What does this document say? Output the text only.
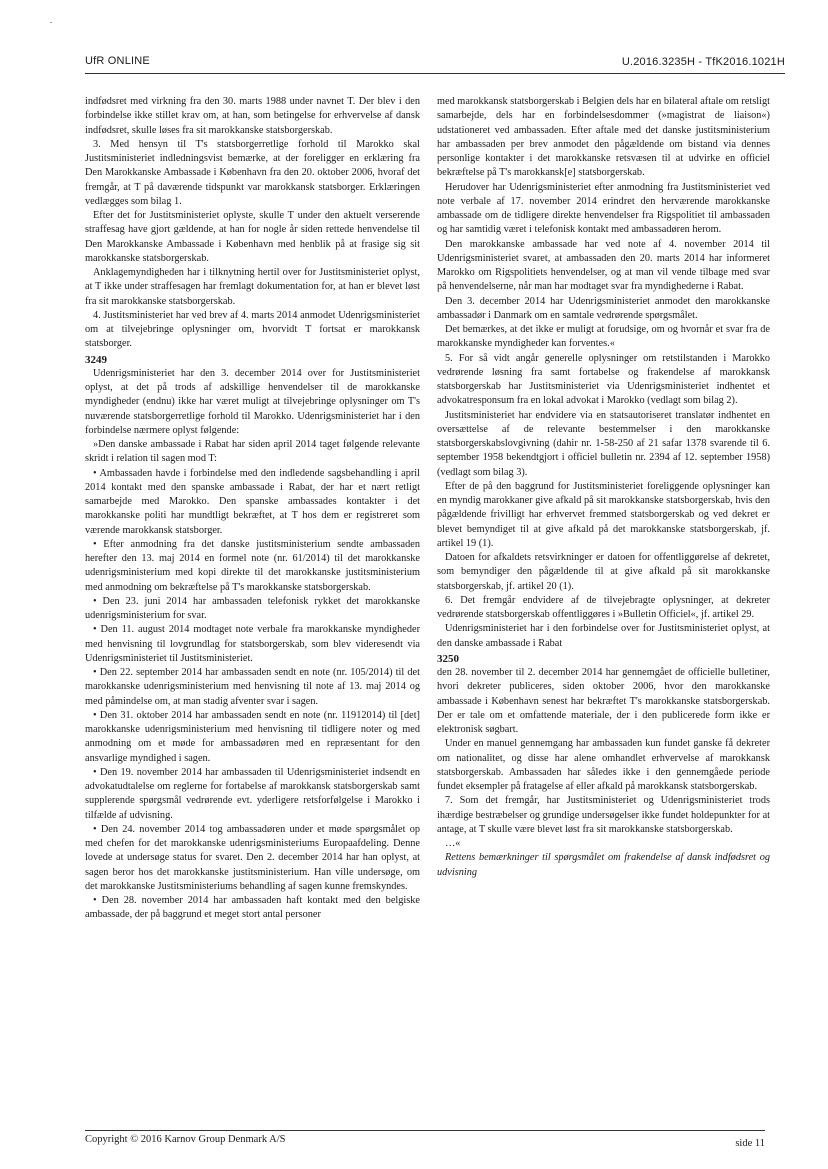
UfR ONLINE	U.2016.3235H - TfK2016.1021H

indfødsret med virkning fra den 30. marts 1988 under navnet T. Der blev i den forbindelse ikke stillet krav om, at han, som betingelse for erhvervelse af dansk indfødsret, skulle løses fra sit marokkanske statsborgerskab.

3. Med hensyn til T's statsborgerretlige forhold til Marokko skal Justitsministeriet indledningsvist bemærke, at der foreligger en erklæring fra Den Marokkanske Ambassade i København fra den 20. oktober 2006, hvoraf det fremgår, at T på daværende tidspunkt var marokkansk statsborger. Erklæringen vedlægges som bilag 1.

Efter det for Justitsministeriet oplyste, skulle T under den aktuelt verserende straffesag have gjort gældende, at han for nogle år siden rettede henvendelse til Den Marokkanske Ambassade i København med henblik på at frasige sig sit marokkanske statsborgerskab.

Anklagemyndigheden har i tilknytning hertil over for Justitsministeriet oplyst, at T ikke under straffesagen har fremlagt dokumentation for, at han er blevet løst fra sit marokkanske statsborgerskab.

4. Justitsministeriet har ved brev af 4. marts 2014 anmodet Udenrigsministeriet om at tilvejebringe oplysninger om, hvorvidt T fortsat er marokkansk statsborger.

3249

Udenrigsministeriet har den 3. december 2014 over for Justitsministeriet oplyst, at det på trods af adskillige henvendelser til de marokkanske myndigheder (endnu) ikke har været muligt at tilvejebringe oplysninger om T's nuværende statsborgerretlige forhold til Marokko. Udenrigsministeriet har i den forbindelse nærmere oplyst følgende:

»Den danske ambassade i Rabat har siden april 2014 taget følgende relevante skridt i relation til sagen mod T:

• Ambassaden havde i forbindelse med den indledende sagsbehandling i april 2014 kontakt med den spanske ambassade i Rabat, der har et nært retligt samarbejde med Marokko. Den spanske ambassades kontakter i det marokkanske politi har mundtligt bekræftet, at T hos dem er registreret som værende marokkansk statsborger.

• Efter anmodning fra det danske justitsministerium sendte ambassaden herefter den 13. maj 2014 en formel note (nr. 61/2014) til det marokkanske udenrigsministerium med kopi direkte til det marokkanske justitsministerium med anmodning om bekræftelse på T's marokkanske statsborgerskab.

• Den 23. juni 2014 har ambassaden telefonisk rykket det marokkanske udenrigsministerium for svar.

• Den 11. august 2014 modtaget note verbale fra marokkanske myndigheder med henvisning til lovgrundlag for statsborgerskab, som blev videresendt via Udenrigsministeriet til Justitsministeriet.

• Den 22. september 2014 har ambassaden sendt en note (nr. 105/2014) til det marokkanske udenrigsministerium med henvisning til note af 13. maj 2014 og med påmindelse om, at man stadig afventer svar i sagen.

• Den 31. oktober 2014 har ambassaden sendt en note (nr. 11912014) til [det] marokkanske udenrigsministerium med henvisning til tidligere noter og med anmodning om et møde for ambassadøren med en repræsentant for den ansvarlige myndighed i sagen.

• Den 19. november 2014 har ambassaden til Udenrigsministeriet indsendt en advokatudtalelse om reglerne for fortabelse af marokkansk statsborgerskab samt supplerende spørgsmål vedrørende evt. yderligere retsforfølgelse i Marokko i tilfælde af udvisning.

• Den 24. november 2014 tog ambassadøren under et møde spørgsmålet op med chefen for det marokkanske udenrigsministeriums Europaafdeling. Denne lovede at undersøge status for svaret. Den 2. december 2014 har han oplyst, at sagen beror hos det marokkanske justitsministerium. Han ville undersøge, om det marokkanske Justitsministeriums behandling af sagen kunne fremskyndes.

• Den 28. november 2014 har ambassaden haft kontakt med den belgiske ambassade, der på baggrund et meget stort antal personer

med marokkansk statsborgerskab i Belgien dels har en bilateral aftale om retsligt samarbejde, dels har en forbindelsesdommer (»magistrat de liaison«) udstationeret ved ambassaden. Efter aftale med det danske justitsministerium har ambassaden per brev anmodet den pågældende om bistand via dennes personlige kontakter i det marokkanske retsvæsen til at udvirke en officiel bekræftelse på T's marokkansk[e] statsborgerskab.

Herudover har Udenrigsministeriet efter anmodning fra Justitsministeriet ved note verbale af 17. november 2014 erindret den herværende marokkanske ambassade om de tidligere direkte henvendelser fra Rigspolitiet til ambassaden og har samtidig været i telefonisk kontakt med ambassadøren herom.

Den marokkanske ambassade har ved note af 4. november 2014 til Udenrigsministeriet svaret, at ambassaden den 20. marts 2014 har informeret Marokko om Rigspolitiets henvendelser, og at man vil vende tilbage med svar på henvendelserne, når man har modtaget svar fra myndighederne i Rabat.

Den 3. december 2014 har Udenrigsministeriet anmodet den marokkanske ambassadør i Danmark om en samtale vedrørende spørgsmålet.

Det bemærkes, at det ikke er muligt at forudsige, om og hvornår et svar fra de marokkanske myndigheder kan forventes.«

5. For så vidt angår generelle oplysninger om retstilstanden i Marokko vedrørende løsning fra samt fortabelse og frakendelse af marokkansk statsborgerskab har Justitsministeriet via Udenrigsministeriet indhentet et advokatresponsum fra en lokal advokat i Marokko (vedlagt som bilag 2).

Justitsministeriet har endvidere via en statsautoriseret translatør indhentet en oversættelse af de relevante bestemmelser i den marokkanske statsborgerskabslovgivning (dahir nr. 1-58-250 af 21 safar 1378 svarende til 6. september 1958 bekendtgjort i officiel bulletin nr. 2394 af 12. september 1958) (vedlagt som bilag 3).

Efter de på den baggrund for Justitsministeriet foreliggende oplysninger kan en myndig marokkaner give afkald på sit marokkanske statsborgerskab, hvis den pågældende frivilligt har erhvervet fremmed statsborgerskab og ved dekret er blevet bemyndiget til at give afkald på det marokkanske statsborgerskab, jf. artikel 19 (1).

Datoen for afkaldets retsvirkninger er datoen for offentliggørelse af dekretet, som bemyndiger den pågældende til at give afkald på sit marokkanske statsborgerskab, jf. artikel 20 (1).

6. Det fremgår endvidere af de tilvejebragte oplysninger, at dekreter vedrørende statsborgerskab offentliggøres i »Bulletin Officiel«, jf. artikel 29.

Udenrigsministeriet har i den forbindelse over for Justitsministeriet oplyst, at den danske ambassade i Rabat

3250

den 28. november til 2. december 2014 har gennemgået de officielle bulletiner, hvori dekreter publiceres, siden oktober 2006, hvor den marokkanske ambassade i København senest har bekræftet T's marokkanske statsborgerskab. Der er tale om et omfattende materiale, der i den publicerede form ikke er elektronisk søgbart.

Under en manuel gennemgang har ambassaden kun fundet ganske få dekreter om nationalitet, og disse har alene omhandlet erhvervelse af marokkansk statsborgerskab. Ambassaden har således ikke i den gennemgåede periode fundet eksempler på fratagelse af eller afkald på marokkansk statsborgerskab.

7. Som det fremgår, har Justitsministeriet og Udenrigsministeriet trods ihærdige bestræbelser og grundige undersøgelser ikke fundet holdepunkter for at antage, at T skulle være blevet løst fra sit marokkanske statsborgerskab.

…«

Rettens bemærkninger til spørgsmålet om frakendelse af dansk indfødsret og udvisning

Copyright © 2016 Karnov Group Denmark A/S	side 11
